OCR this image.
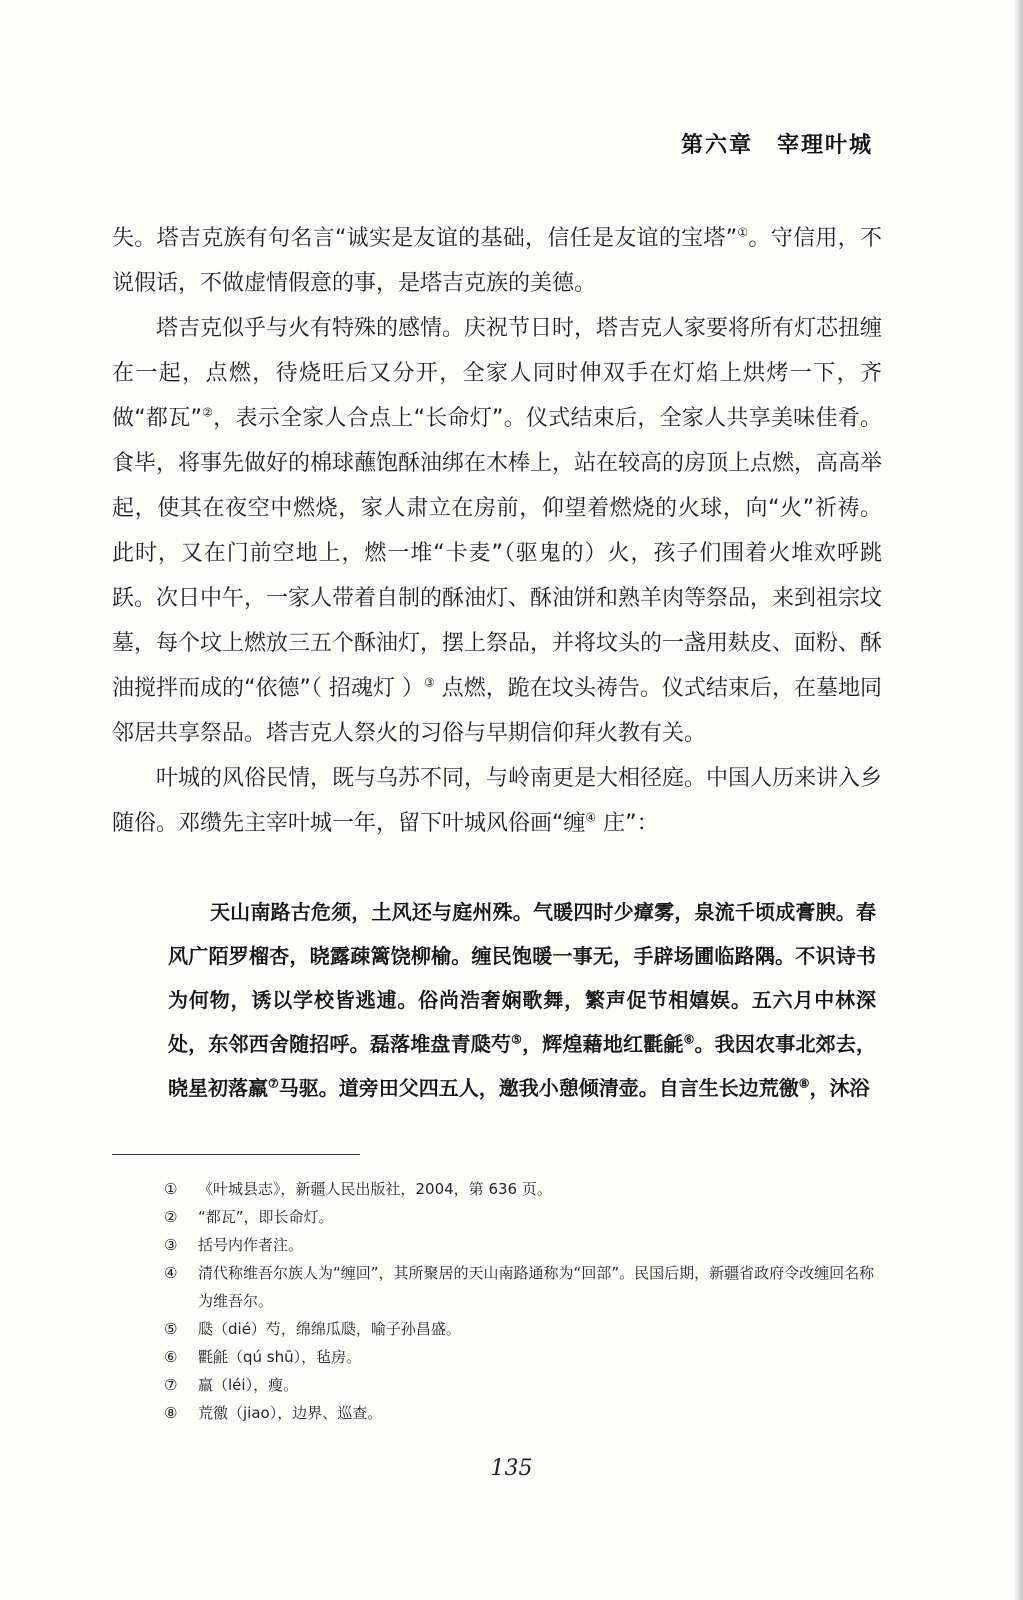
第六章 宰理叶城

失。塔吉克族有句名言“诚实是友谊的基础，信任是友谊的宝塔”①。守信用，不说假话，不做虚情假意的事，是塔吉克族的美德。

塔吉克似乎与火有特殊的感情。庆祝节日时，塔吉克人家要将所有灯芯扭缠在一起，点燃，待烧旺后又分开，全家人同时伸双手在灯焰上烘烤一下，齐做“都瓦”②，表示全家人合点上“长命灯”。仪式结束后，全家人共享美味佳肴。食毕，将事先做好的棉球蘸饱酥油绑在木棒上，站在较高的房顶上点燃，高高举起，使其在夜空中燃烧，家人肃立在房前，仰望着燃烧的火球，向“火”祈祷。此时，又在门前空地上，燃一堆“卡麦”（驱鬼的）火，孩子们围着火堆欢呼跳跃。次日中午，一家人带着自制的酥油灯、酥油饼和熟羊肉等祭品，来到祖宗坟墓，每个坟上燃放三五个酥油灯，摆上祭品，并将坟头的一盏用麸皮、面粉、酥油搅拌而成的“依德”（ 招魂灯 ）③ 点燃，跪在坟头祷告。仪式结束后，在墓地同邻居共享祭品。塔吉克人祭火的习俗与早期信仰拜火教有关。

叶城的风俗民情，既与乌苏不同，与岭南更是大相径庭。中国人历来讲入乡随俗。邓缵先主宰叶城一年，留下叶城风俗画“缠④ 庄”：

天山南路古危须，土风还与庭州殊。气暖四时少瘴雾，泉流千顷成膏腴。春风广陌罗榴杏，晓露疎篱饶柳榆。缠民饱暖一事无，手辟场圃临路隅。不识诗书为何物，诱以学校皆逃逋。俗尚浩奢娴歌舞，繁声促节相嬉娱。五六月中林深处，东邻西舍随招呼。磊落堆盘青瓞芍⑤，辉煌藉地红氍毹⑥。我因农事北郊去，晓星初落羸⑦马驱。道旁田父四五人，邀我小憩倾清壶。自言生长边荒徼⑧，沐浴
①	《叶城县志》，新疆人民出版社，2004，第 636 页。
②	“都瓦”，即长命灯。
③	括号内作者注。
④	清代称维吾尔族人为“缠回”，其所聚居的天山南路通称为“回部”。民国后期，新疆省政府令改缠回名称为维吾尔。
⑤	瓞（dié）芍，绵绵瓜瓞，喻子孙昌盛。
⑥	氍毹（qú shū），毡房。
⑦	羸（léi），瘦。
⑧	荒徼（jiao），边界、巡查。
135
